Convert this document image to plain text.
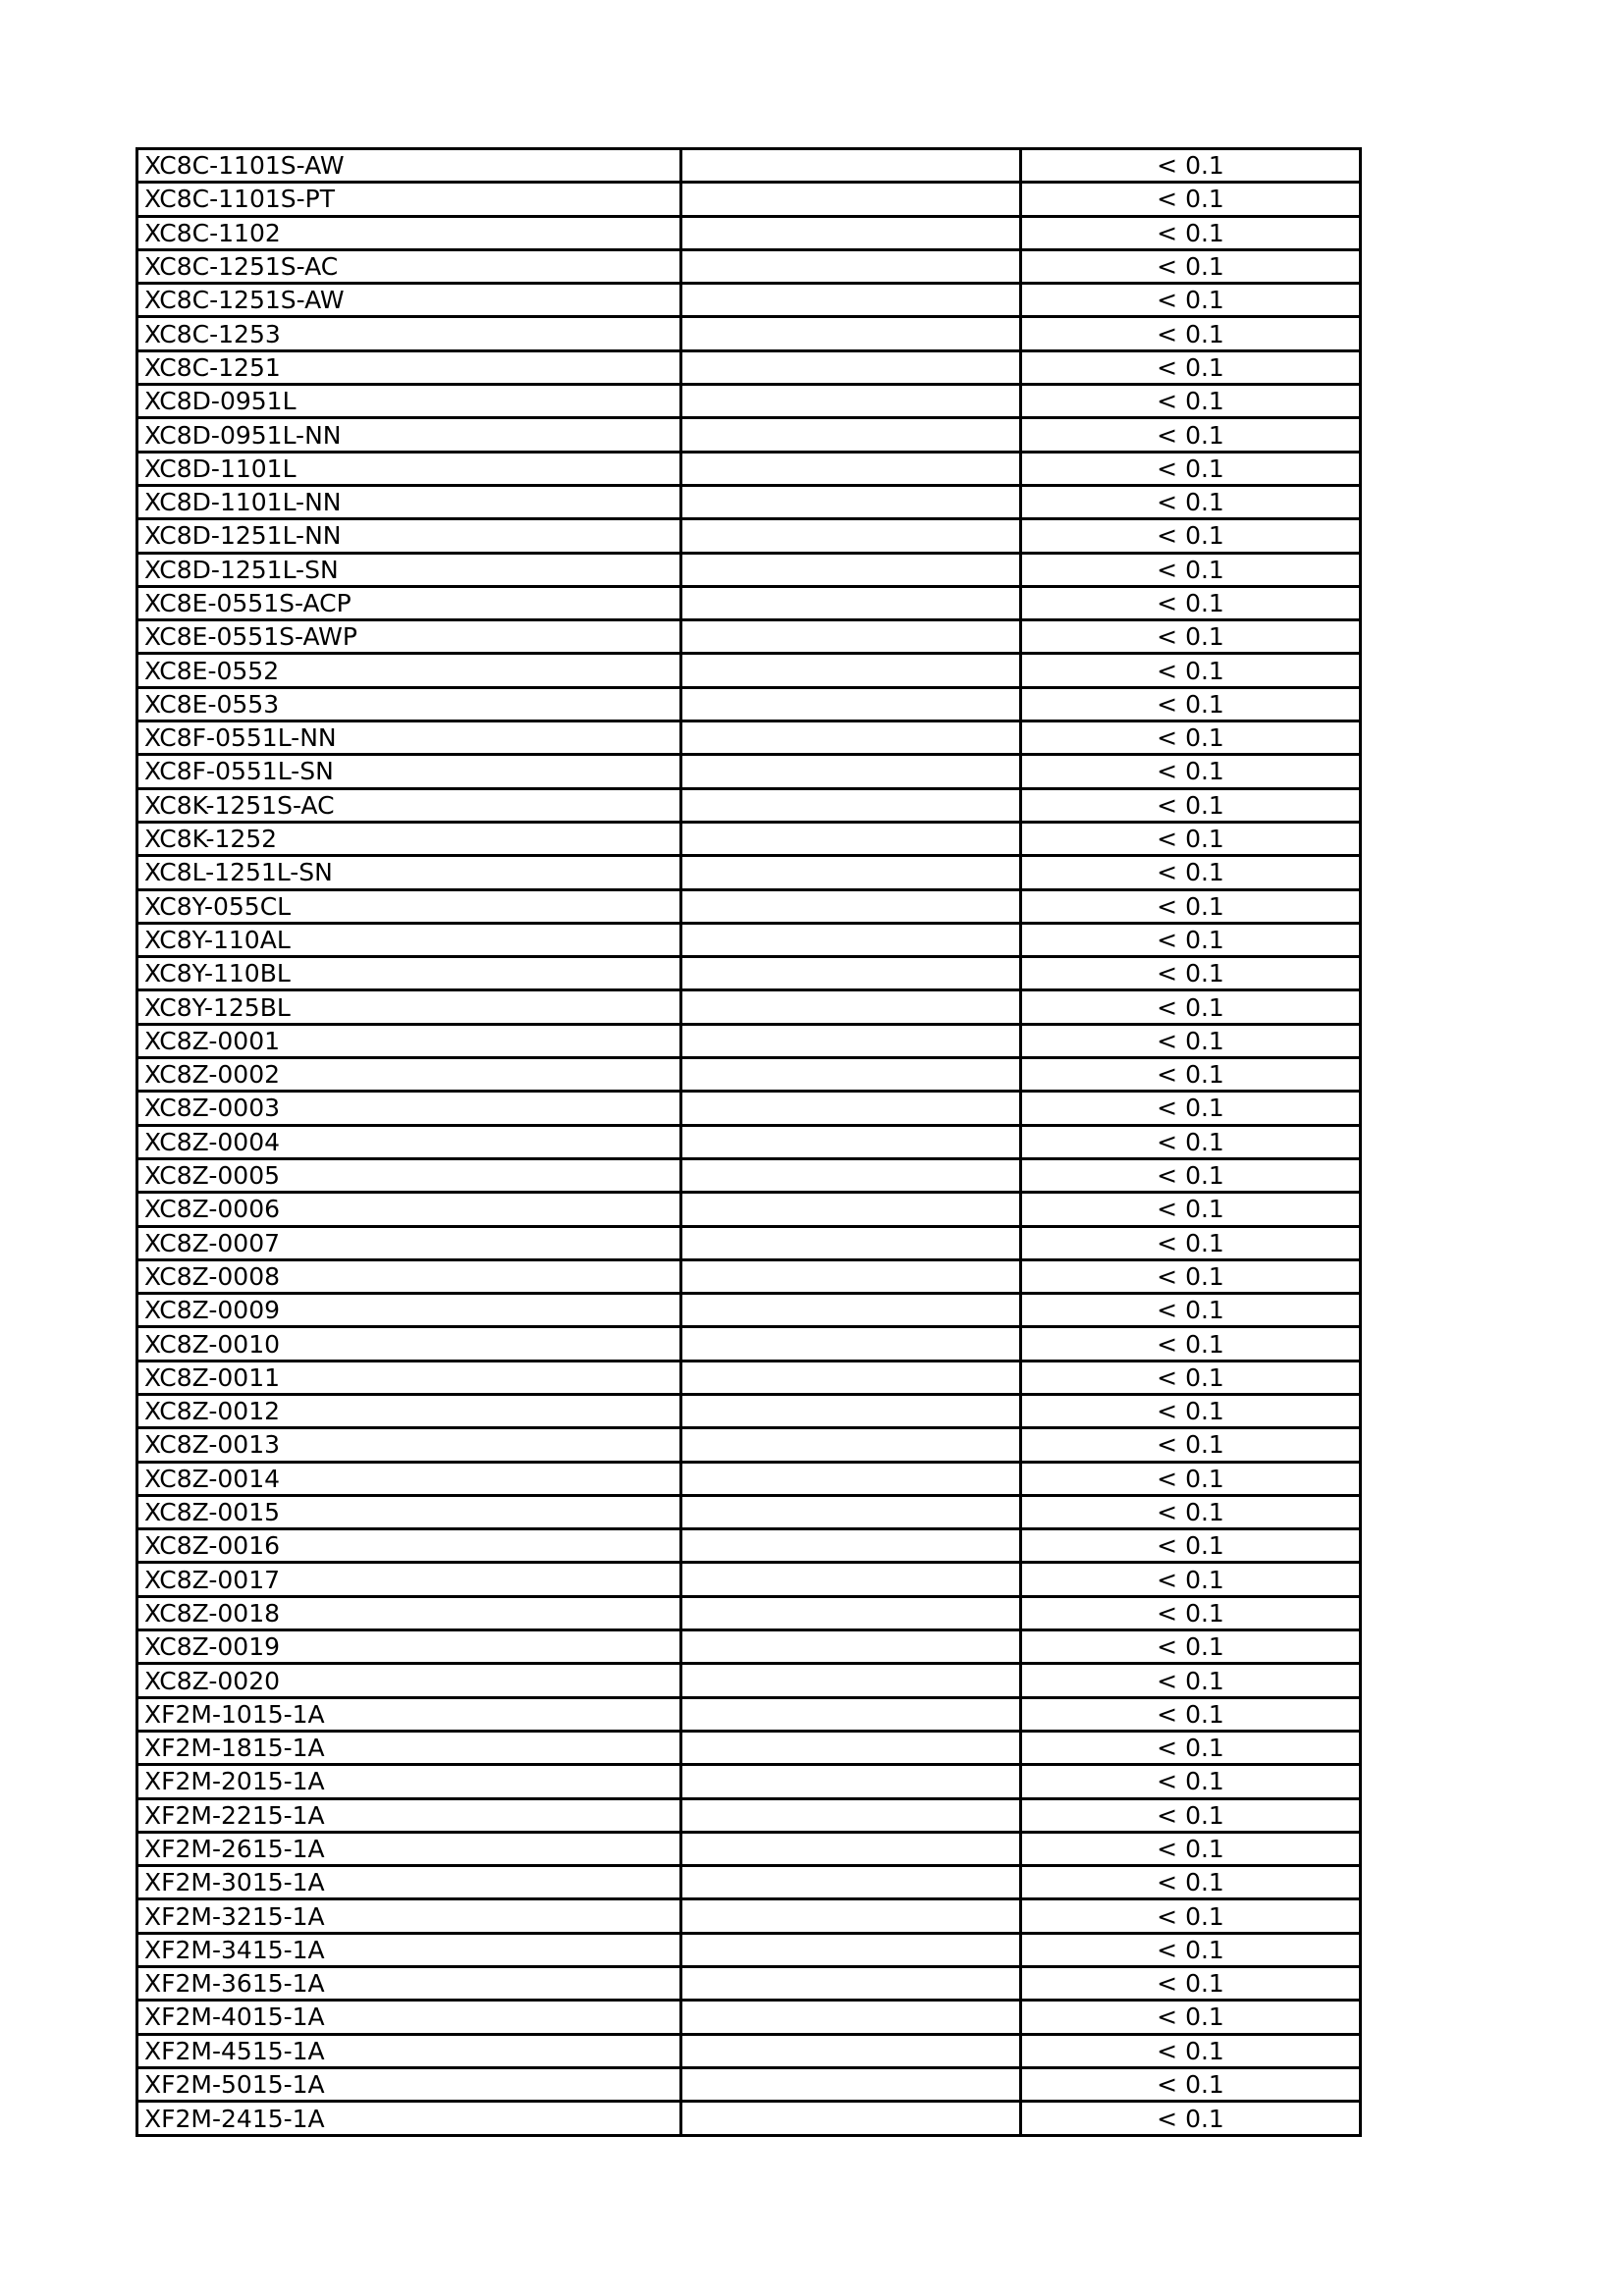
XC8C-1101S-AW		< 0.1
XC8C-1101S-PT		< 0.1
XC8C-1102		< 0.1
XC8C-1251S-AC		< 0.1
XC8C-1251S-AW		< 0.1
XC8C-1253		< 0.1
XC8C-1251		< 0.1
XC8D-0951L		< 0.1
XC8D-0951L-NN		< 0.1
XC8D-1101L		< 0.1
XC8D-1101L-NN		< 0.1
XC8D-1251L-NN		< 0.1
XC8D-1251L-SN		< 0.1
XC8E-0551S-ACP		< 0.1
XC8E-0551S-AWP		< 0.1
XC8E-0552		< 0.1
XC8E-0553		< 0.1
XC8F-0551L-NN		< 0.1
XC8F-0551L-SN		< 0.1
XC8K-1251S-AC		< 0.1
XC8K-1252		< 0.1
XC8L-1251L-SN		< 0.1
XC8Y-055CL		< 0.1
XC8Y-110AL		< 0.1
XC8Y-110BL		< 0.1
XC8Y-125BL		< 0.1
XC8Z-0001		< 0.1
XC8Z-0002		< 0.1
XC8Z-0003		< 0.1
XC8Z-0004		< 0.1
XC8Z-0005		< 0.1
XC8Z-0006		< 0.1
XC8Z-0007		< 0.1
XC8Z-0008		< 0.1
XC8Z-0009		< 0.1
XC8Z-0010		< 0.1
XC8Z-0011		< 0.1
XC8Z-0012		< 0.1
XC8Z-0013		< 0.1
XC8Z-0014		< 0.1
XC8Z-0015		< 0.1
XC8Z-0016		< 0.1
XC8Z-0017		< 0.1
XC8Z-0018		< 0.1
XC8Z-0019		< 0.1
XC8Z-0020		< 0.1
XF2M-1015-1A		< 0.1
XF2M-1815-1A		< 0.1
XF2M-2015-1A		< 0.1
XF2M-2215-1A		< 0.1
XF2M-2615-1A		< 0.1
XF2M-3015-1A		< 0.1
XF2M-3215-1A		< 0.1
XF2M-3415-1A		< 0.1
XF2M-3615-1A		< 0.1
XF2M-4015-1A		< 0.1
XF2M-4515-1A		< 0.1
XF2M-5015-1A		< 0.1
XF2M-2415-1A		< 0.1
